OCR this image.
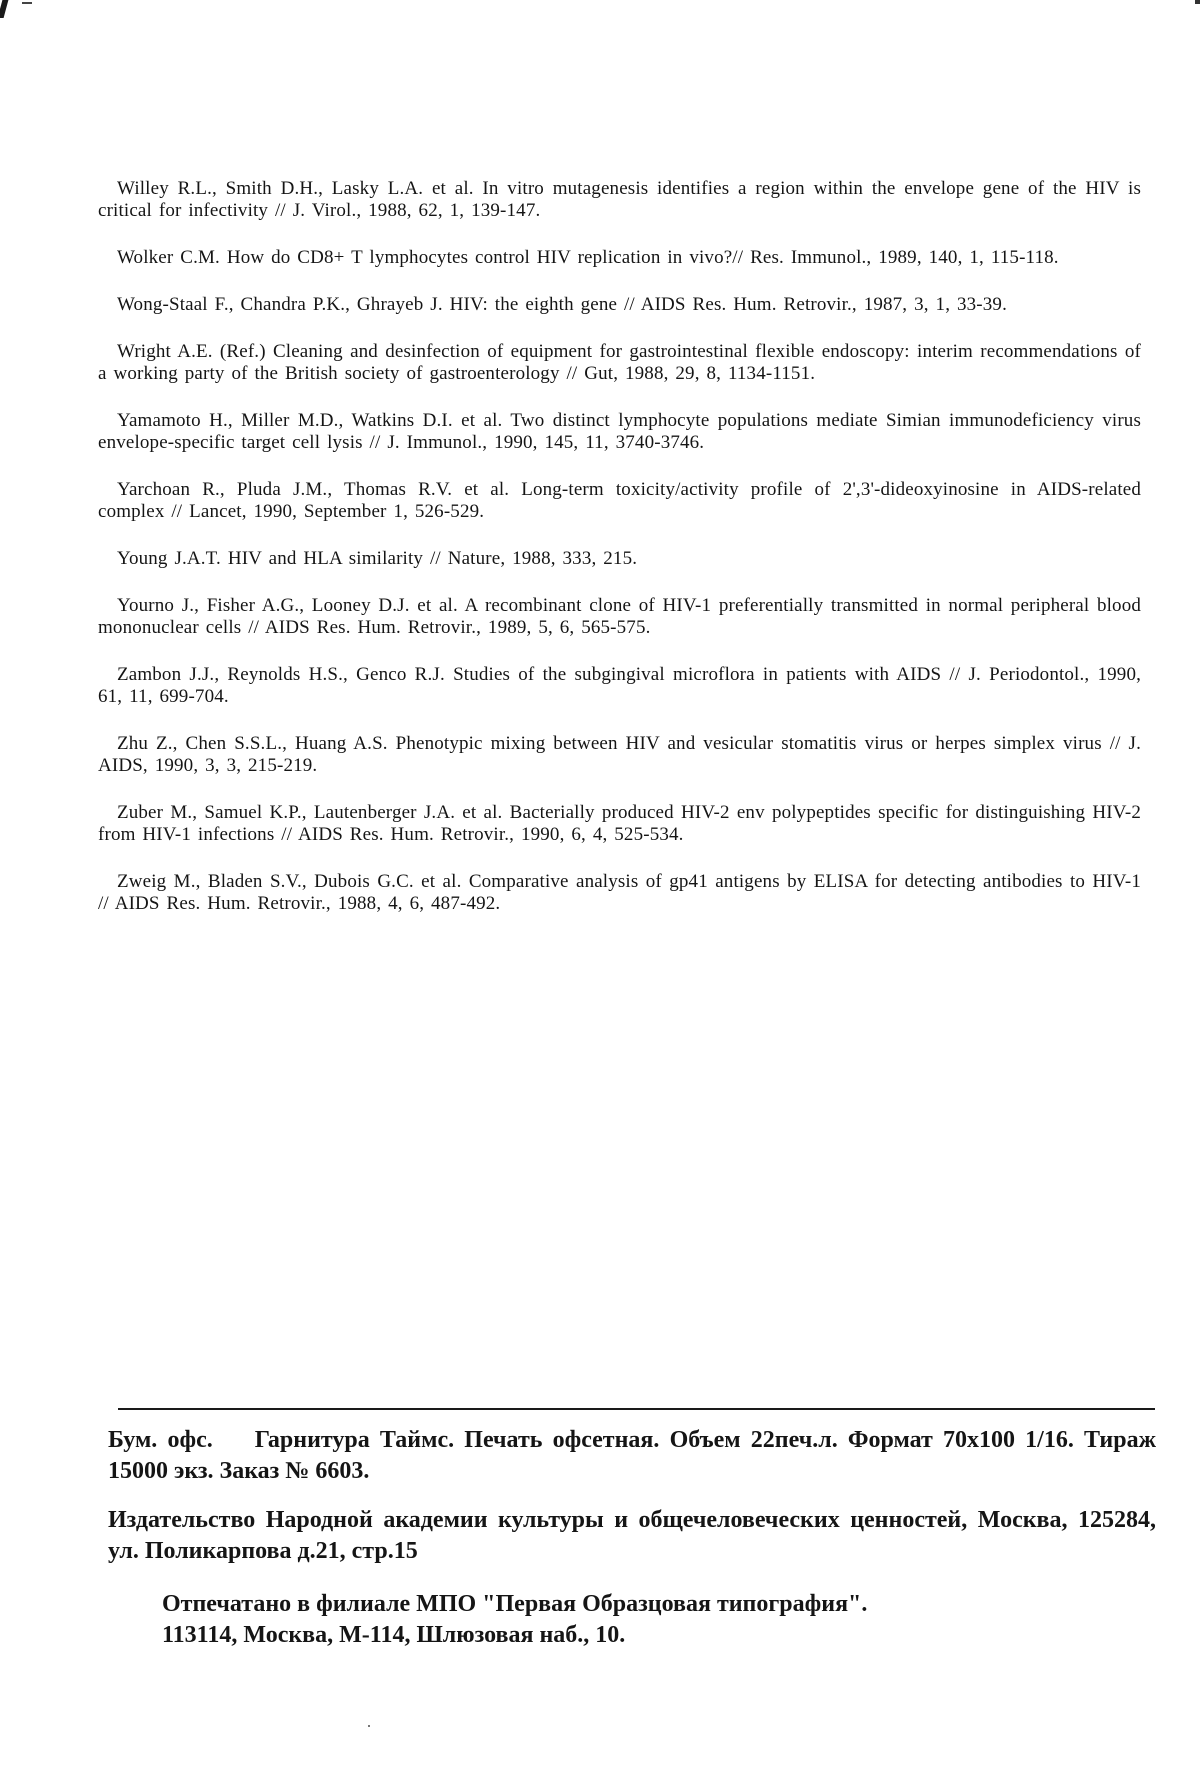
Willey R.L., Smith D.H., Lasky L.A. et al. In vitro mutagenesis identifies a region within the envelope gene of the HIV is critical for infectivity // J. Virol., 1988, 62, 1, 139-147.

Wolker C.M. How do CD8+ T lymphocytes control HIV replication in vivo?// Res. Immunol., 1989, 140, 1, 115-118.

Wong-Staal F., Chandra P.K., Ghrayeb J. HIV: the eighth gene // AIDS Res. Hum. Retrovir., 1987, 3, 1, 33-39.

Wright A.E. (Ref.) Cleaning and desinfection of equipment for gastrointestinal flexible endoscopy: interim recommendations of a working party of the British society of gastroenterology // Gut, 1988, 29, 8, 1134-1151.

Yamamoto H., Miller M.D., Watkins D.I. et al. Two distinct lymphocyte populations mediate Simian immunodeficiency virus envelope-specific target cell lysis // J. Immunol., 1990, 145, 11, 3740-3746.

Yarchoan R., Pluda J.M., Thomas R.V. et al. Long-term toxicity/activity profile of 2',3'-dideoxyinosine in AIDS-related complex // Lancet, 1990, September 1, 526-529.

Young J.A.T. HIV and HLA similarity // Nature, 1988, 333, 215.

Yourno J., Fisher A.G., Looney D.J. et al. A recombinant clone of HIV-1 preferentially transmitted in normal peripheral blood mononuclear cells // AIDS Res. Hum. Retrovir., 1989, 5, 6, 565-575.

Zambon J.J., Reynolds H.S., Genco R.J. Studies of the subgingival microflora in patients with AIDS // J. Periodontol., 1990, 61, 11, 699-704.

Zhu Z., Chen S.S.L., Huang A.S. Phenotypic mixing between HIV and vesicular stomatitis virus or herpes simplex virus // J. AIDS, 1990, 3, 3, 215-219.

Zuber M., Samuel K.P., Lautenberger J.A. et al. Bacterially produced HIV-2 env polypeptides specific for distinguishing HIV-2 from HIV-1 infections // AIDS Res. Hum. Retrovir., 1990, 6, 4, 525-534.

Zweig M., Bladen S.V., Dubois G.C. et al. Comparative analysis of gp41 antigens by ELISA for detecting antibodies to HIV-1 // AIDS Res. Hum. Retrovir., 1988, 4, 6, 487-492.

Бум. офс. Гарнитура Таймс. Печать офсетная. Объем 22печ.л. Формат 70х100 1/16. Тираж 15000 экз. Заказ № 6603.

Издательство Народной академии культуры и общечеловеческих ценностей, Москва, 125284, ул. Поликарпова д.21, стр.15

Отпечатано в филиале МПО "Первая Образцовая типография".

113114, Москва, М-114, Шлюзовая наб., 10.
